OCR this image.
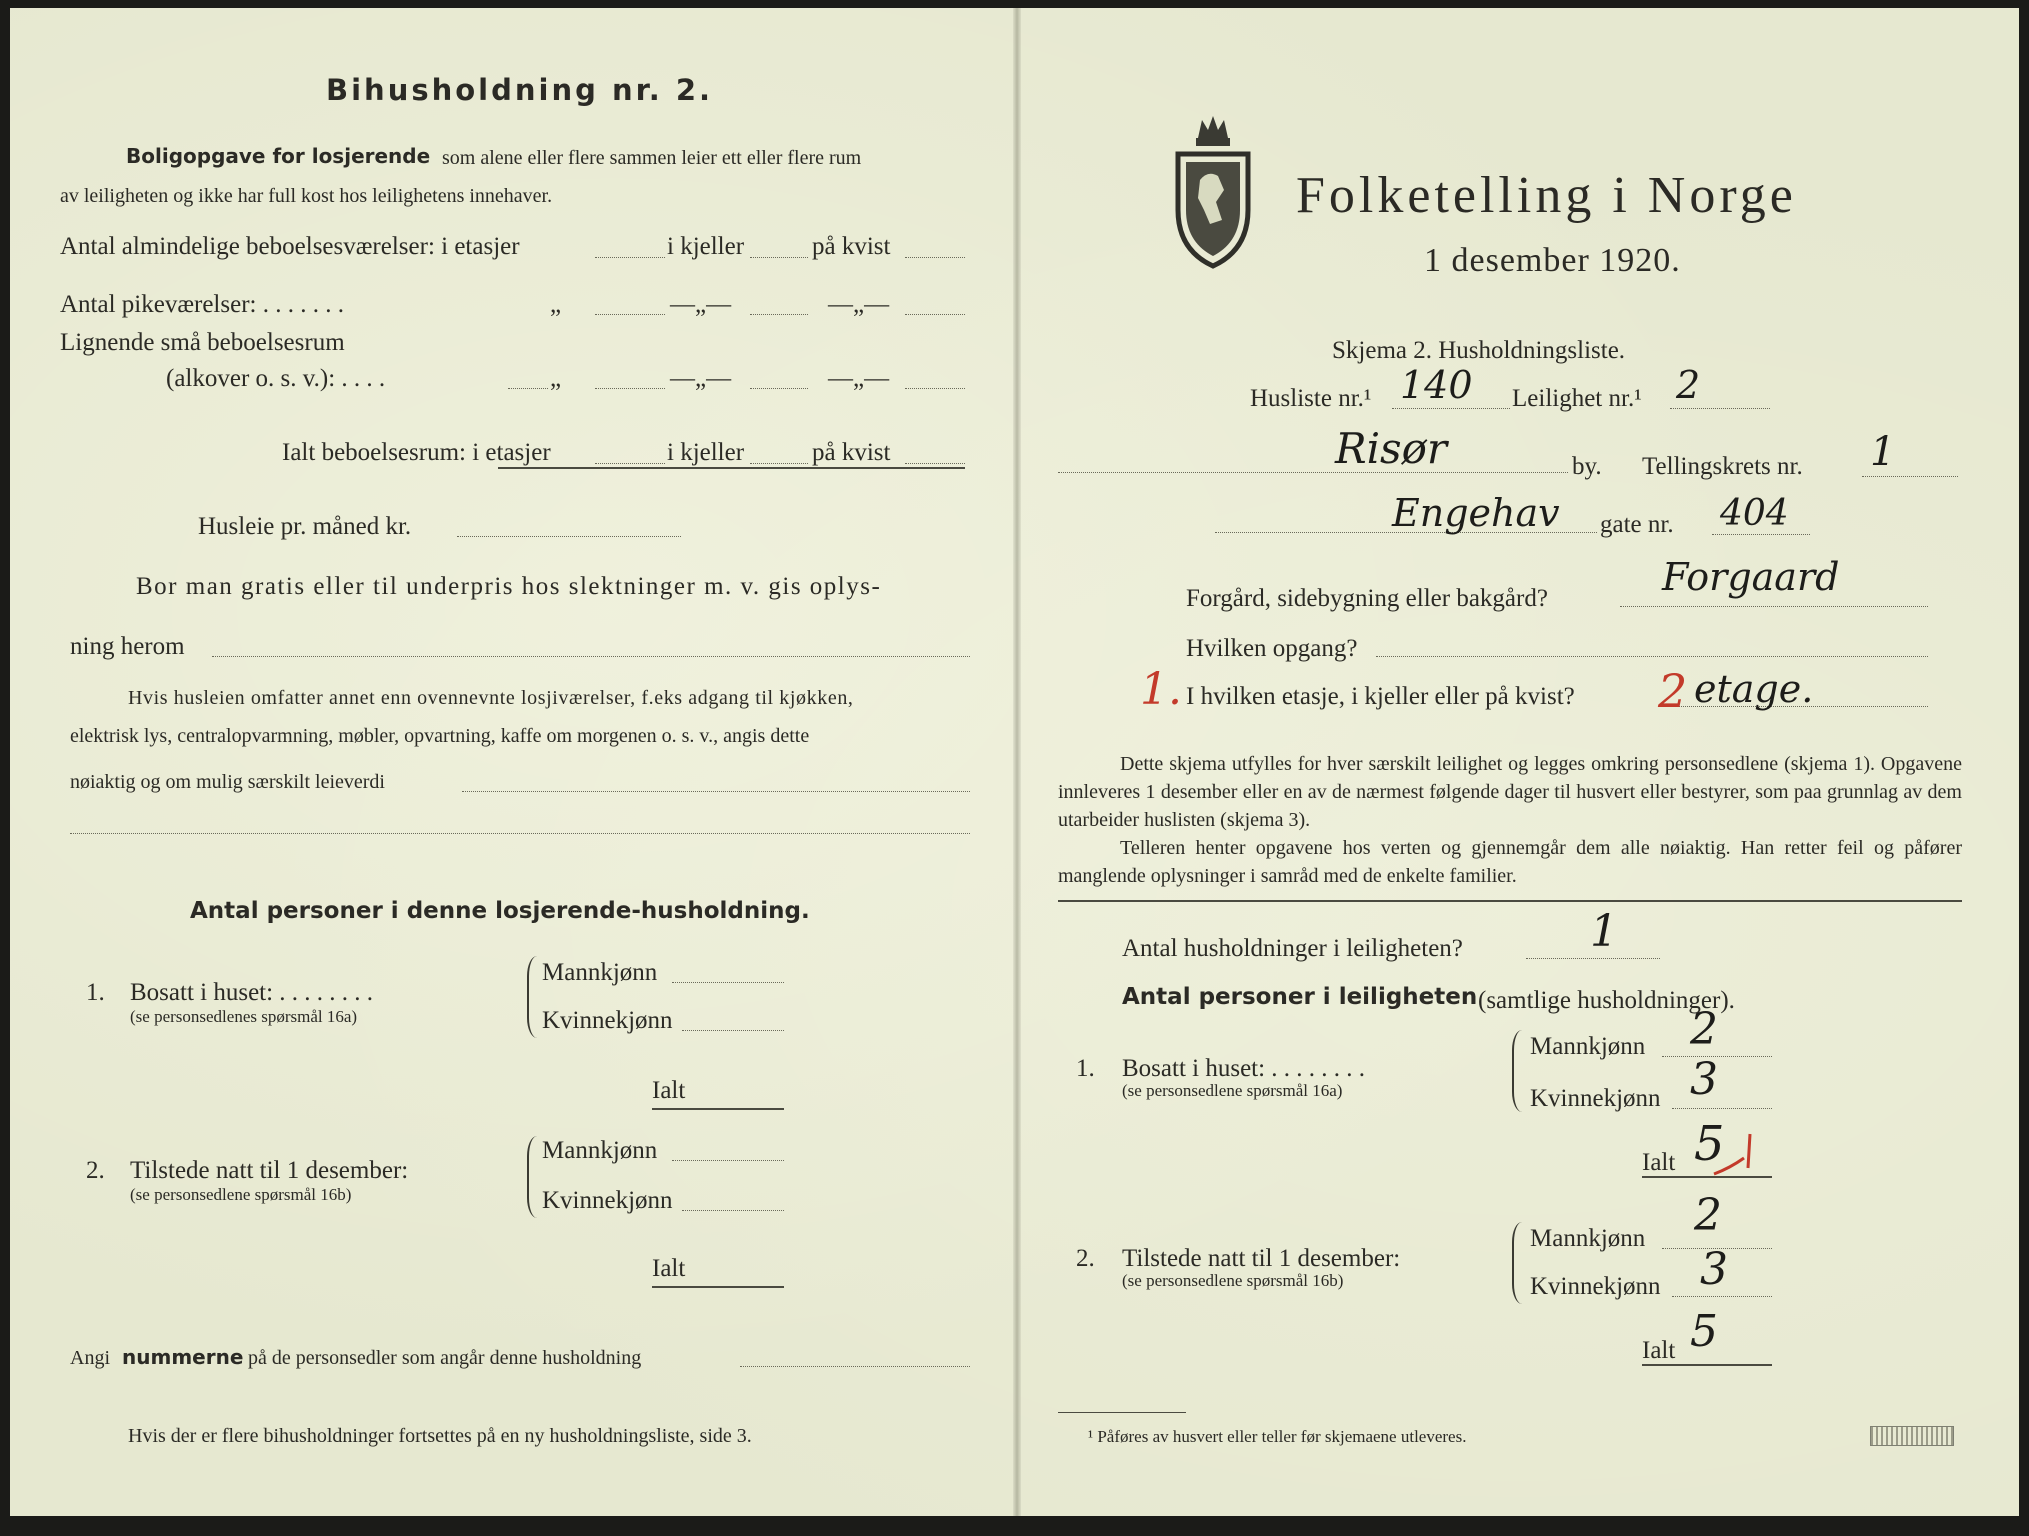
Bihusholdning nr. 2.
Boligopgave for losjerende som alene eller flere sammen leier ett eller flere rum
av leiligheten og ikke har full kost hos leilighetens innehaver.
Antal almindelige beboelsesværelser: i etasjer	i kjeller	på kvist
Antal pikeværelser: . . . . . . .	„	—„—	—„—
Lignende små beboelsesrum
(alkover o. s. v.): . . . .	„	—„—	—„—
Ialt beboelsesrum: i etasjer	i kjeller	på kvist
Husleie pr. måned kr.
Bor man gratis eller til underpris hos slektninger m. v. gis oplys-
ning herom
Hvis husleien omfatter annet enn ovennevnte losjiværelser, f.eks adgang til kjøkken,
elektrisk lys, centralopvarmning, møbler, opvartning, kaffe om morgenen o. s. v., angis dette
nøiaktig og om mulig særskilt leieverdi
Antal personer i denne losjerende-husholdning.
1. Bosatt i huset: . . . . . . . .
(se personsedlenes spørsmål 16a)
Mannkjønn
Kvinnekjønn
Ialt
2. Tilstede natt til 1 desember:
(se personsedlene spørsmål 16b)
Mannkjønn
Kvinnekjønn
Ialt
Angi nummerne på de personsedler som angår denne husholdning
Hvis der er flere bihusholdninger fortsettes på en ny husholdningsliste, side 3.
Folketelling i Norge
1 desember 1920.
Skjema 2. Husholdningsliste.
Husliste nr.¹ 140 Leilighet nr.¹ 2
Risør	by. Tellingskrets nr. 1
Engehav gate nr. 404
Forgård, sidebygning eller bakgård?	Forgaard
Hvilken opgang?
1. I hvilken etasje, i kjeller eller på kvist? 2 etage.
Dette skjema utfylles for hver særskilt leilighet og legges omkring personsedlene (skjema 1). Opgavene innleveres 1 desember eller en av de nærmest følgende dager til husvert eller bestyrer, som paa grunnlag av dem utarbeider huslisten (skjema 3).
Telleren henter opgavene hos verten og gjennemgår dem alle nøiaktig. Han retter feil og påfører manglende oplysninger i samråd med de enkelte familier.
Antal husholdninger i leiligheten?	1
Antal personer i leiligheten (samtlige husholdninger).
1. Bosatt i huset: . . . . . . . .
(se personsedlene spørsmål 16a)
Mannkjønn 2
Kvinnekjønn 3
Ialt 5
2. Tilstede natt til 1 desember:
(se personsedlene spørsmål 16b)
Mannkjønn 2
Kvinnekjønn 3
Ialt 5
¹ Påføres av husvert eller teller før skjemaene utleveres.
